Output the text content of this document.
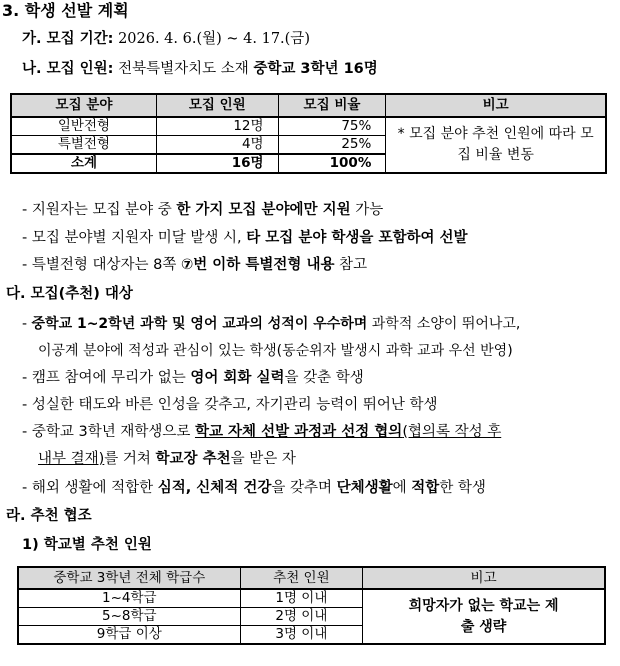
3. 학생 선발 계획
가. 모집 기간: 2026. 4. 6.(월) ~ 4. 17.(금)
나. 모집 인원: 전북특별자치도 소재 중학교 3학년 16명
모집 분야	모집 인원	모집 비율	비고
일반전형	12명	75%	* 모집 분야 추천 인원에 따라 모집 비율 변동
특별전형	4명	25%	
소계	16명	100%	
- 지원자는 모집 분야 중 한 가지 모집 분야에만 지원 가능
- 모집 분야별 지원자 미달 발생 시, 타 모집 분야 학생을 포함하여 선발
- 특별전형 대상자는 8쪽 ⑦번 이하 특별전형 내용 참고
다. 모집(추천) 대상
- 중학교 1~2학년 과학 및 영어 교과의 성적이 우수하며 과학적 소양이 뛰어나고,
이공계 분야에 적성과 관심이 있는 학생(동순위자 발생시 과학 교과 우선 반영)
- 캠프 참여에 무리가 없는 영어 회화 실력을 갖춘 학생
- 성실한 태도와 바른 인성을 갖추고, 자기관리 능력이 뛰어난 학생
- 중학교 3학년 재학생으로 학교 자체 선발 과정과 선정 협의(협의록 작성 후
내부 결재)를 거쳐 학교장 추천을 받은 자
- 해외 생활에 적합한 심적, 신체적 건강을 갖추며 단체생활에 적합한 학생
라. 추천 협조
1) 학교별 추천 인원
중학교 3학년 전체 학급수	추천 인원	비고
1~4학급	1명 이내	희망자가 없는 학교는 제출 생략
5~8학급	2명 이내	
9학급 이상	3명 이내	
